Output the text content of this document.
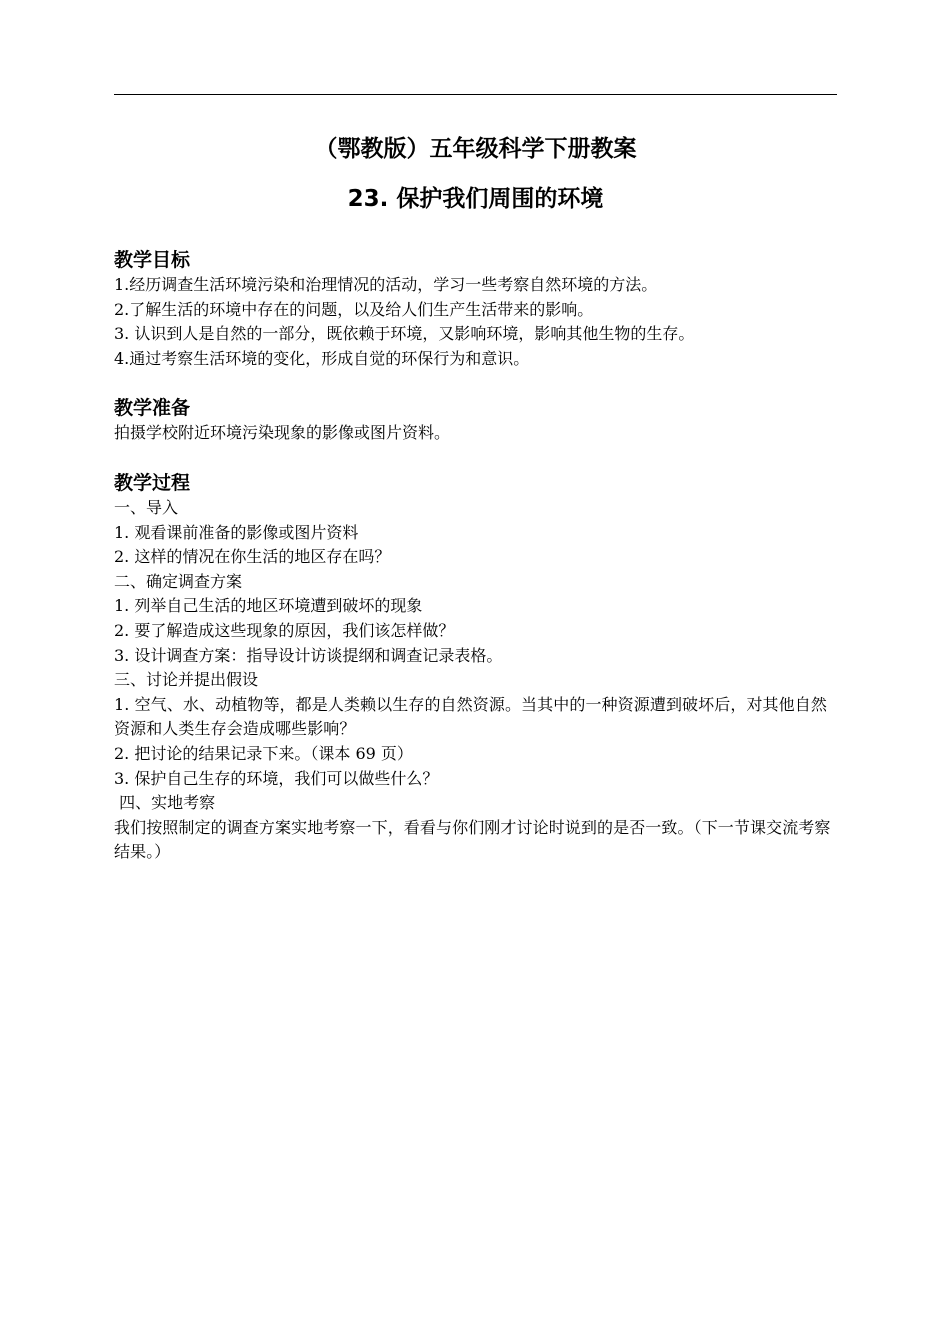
（鄂教版）五年级科学下册教案
23. 保护我们周围的环境
教学目标
1.经历调查生活环境污染和治理情况的活动，学习一些考察自然环境的方法。
2.了解生活的环境中存在的问题，以及给人们生产生活带来的影响。
3. 认识到人是自然的一部分，既依赖于环境，又影响环境，影响其他生物的生存。
4.通过考察生活环境的变化，形成自觉的环保行为和意识。
教学准备
拍摄学校附近环境污染现象的影像或图片资料。
教学过程
一、导入
1. 观看课前准备的影像或图片资料
2. 这样的情况在你生活的地区存在吗？
二、确定调查方案
1. 列举自己生活的地区环境遭到破坏的现象
2. 要了解造成这些现象的原因，我们该怎样做？
3. 设计调查方案：指导设计访谈提纲和调查记录表格。
三、讨论并提出假设
1. 空气、水、动植物等，都是人类赖以生存的自然资源。当其中的一种资源遭到破坏后，对其他自然资源和人类生存会造成哪些影响？
2. 把讨论的结果记录下来。（课本 69 页）
3. 保护自己生存的环境，我们可以做些什么？
四、实地考察
我们按照制定的调查方案实地考察一下，看看与你们刚才讨论时说到的是否一致。（下一节课交流考察结果。）
